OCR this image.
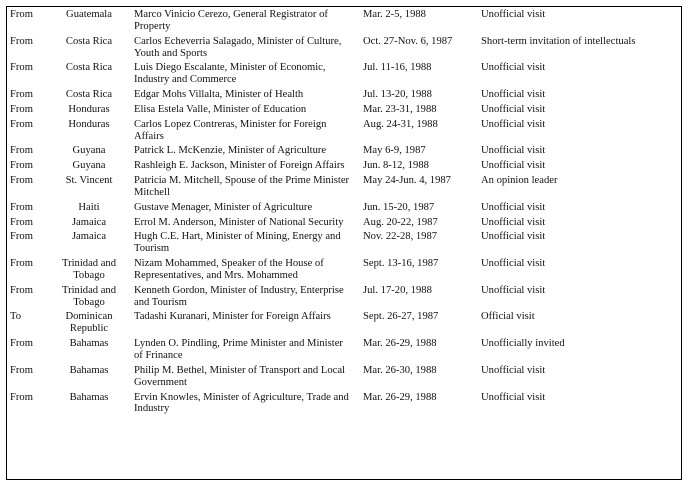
From	Guatemala	Marco Vinicio Cerezo, General Registrator of Property	Mar. 2-5, 1988	Unofficial visit
From	Costa Rica	Carlos Echeverria Salagado, Minister of Culture, Youth and Sports	Oct. 27-Nov. 6, 1987	Short-term invitation of intellectuals
From	Costa Rica	Luis Diego Escalante, Minister of Economic, Industry and Commerce	Jul. 11-16, 1988	Unofficial visit
From	Costa Rica	Edgar Mohs Villalta, Minister of Health	Jul. 13-20, 1988	Unofficial visit
From	Honduras	Elisa Estela Valle, Minister of Education	Mar. 23-31, 1988	Unofficial visit
From	Honduras	Carlos Lopez Contreras, Minister for Foreign Affairs	Aug. 24-31, 1988	Unofficial visit
From	Guyana	Patrick L. McKenzie, Minister of Agriculture	May 6-9, 1987	Unofficial visit
From	Guyana	Rashleigh E. Jackson, Minister of Foreign Affairs	Jun. 8-12, 1988	Unofficial visit
From	St. Vincent	Patricia M. Mitchell, Spouse of the Prime Minister Mitchell	May 24-Jun. 4, 1987	An opinion leader
From	Haiti	Gustave Menager, Minister of Agriculture	Jun. 15-20, 1987	Unofficial visit
From	Jamaica	Errol M. Anderson, Minister of National Security	Aug. 20-22, 1987	Unofficial visit
From	Jamaica	Hugh C.E. Hart, Minister of Mining, Energy and Tourism	Nov. 22-28, 1987	Unofficial visit
From	Trinidad and Tobago	Nizam Mohammed, Speaker of the House of Representatives, and Mrs. Mohammed	Sept. 13-16, 1987	Unofficial visit
From	Trinidad and Tobago	Kenneth Gordon, Minister of Industry, Enterprise and Tourism	Jul. 17-20, 1988	Unofficial visit
To	Dominican Republic	Tadashi Kuranari, Minister for Foreign Affairs	Sept. 26-27, 1987	Official visit
From	Bahamas	Lynden O. Pindling, Prime Minister and Minister of Frinance	Mar. 26-29, 1988	Unofficially invited
From	Bahamas	Philip M. Bethel, Minister of Transport and Local Government	Mar. 26-30, 1988	Unofficial visit
From	Bahamas	Ervin Knowles, Minister of Agriculture, Trade and Industry	Mar. 26-29, 1988	Unofficial visit
